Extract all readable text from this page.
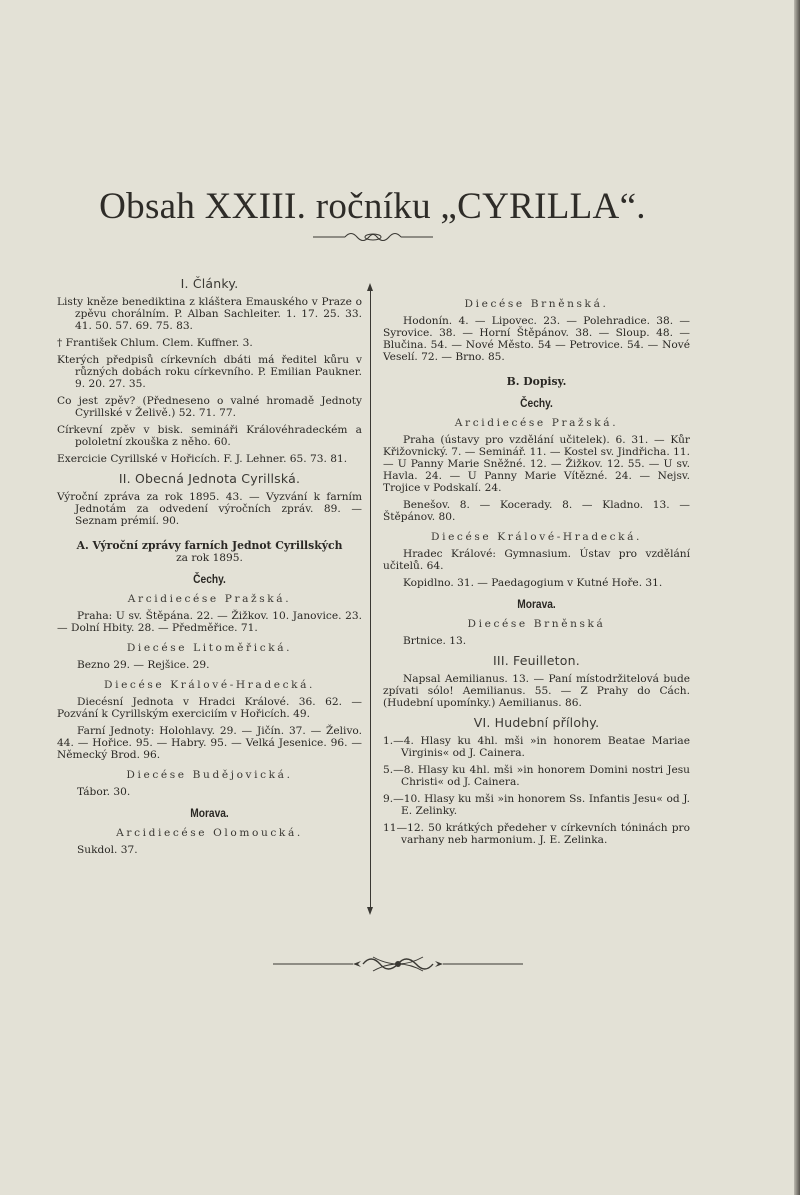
Obsah XXIII. ročníku „CYRILLA“.

I. Články.

Listy kněze benediktina z kláštera Emauského v Praze o zpěvu chorálním. P. Alban Sachleiter. 1. 17. 25. 33. 41. 50. 57. 69. 75. 83.

† František Chlum. Clem. Kuffner. 3.

Kterých předpisů církevních dbáti má ředitel kůru v různých dobách roku církevního. P. Emilian Paukner. 9. 20. 27. 35.

Co jest zpěv? (Předneseno o valné hromadě Jednoty Cyrillské v Želivě.) 52. 71. 77.

Církevní zpěv v bisk. semináři Královéhradeckém a pololetní zkouška z něho. 60.

Exercicie Cyrillské v Hořicích. F. J. Lehner. 65. 73. 81.

II. Obecná Jednota Cyrillská.

Výroční zpráva za rok 1895. 43. — Vyzvání k farním Jednotám za odvedení výročních zpráv. 89. — Seznam prémií. 90.

A. Výroční zprávy farních Jednot Cyrillských

za rok 1895.

Čechy.

Arcidiecése Pražská.

Praha: U sv. Štěpána. 22. — Žižkov. 10. Janovice. 23. — Dolní Hbity. 28. — Předměřice. 71.

Diecése Litoměřická.

Bezno 29. — Rejšice. 29.

Diecése Králové-Hradecká.

Diecésní Jednota v Hradci Králové. 36. 62. — Pozvání k Cyrillským exerciciím v Hořicích. 49.

Farní Jednoty: Holohlavy. 29. — Jičín. 37. — Želivo. 44. — Hořice. 95. — Habry. 95. — Velká Jesenice. 96. — Německý Brod. 96.

Diecése Budějovická.

Tábor. 30.

Morava.

Arcidiecése Olomoucká.

Sukdol. 37.

Diecése Brněnská.

Hodonín. 4. — Lipovec. 23. — Polehradice. 38. — Syrovice. 38. — Horní Štěpánov. 38. — Sloup. 48. — Blučina. 54. — Nové Město. 54 — Petrovice. 54. — Nové Veselí. 72. — Brno. 85.

B. Dopisy.

Čechy.

Arcidiecése Pražská.

Praha (ústavy pro vzdělání učitelek). 6. 31. — Kůr Křižovnický. 7. — Seminář. 11. — Kostel sv. Jindřicha. 11. — U Panny Marie Sněžné. 12. — Žižkov. 12. 55. — U sv. Havla. 24. — U Panny Marie Vítězné. 24. — Nejsv. Trojice v Podskalí. 24.

Benešov. 8. — Kocerady. 8. — Kladno. 13. — Štěpánov. 80.

Diecése Králové-Hradecká.

Hradec Králové: Gymnasium. Ústav pro vzdělání učitelů. 64.

Kopidlno. 31. — Paedagogium v Kutné Hoře. 31.

Morava.

Diecése Brněnská

Brtnice. 13.

III. Feuilleton.

Napsal Aemilianus. 13. — Paní místodržitelová bude zpívati sólo! Aemilianus. 55. — Z Prahy do Cách. (Hudební upomínky.) Aemilianus. 86.

VI. Hudební přílohy.

1.—4. Hlasy ku 4hl. mši »in honorem Beatae Mariae Virginis« od J. Cainera.

5.—8. Hlasy ku 4hl. mši »in honorem Domini nostri Jesu Christi« od J. Cainera.

9.—10. Hlasy ku mši »in honorem Ss. Infantis Jesu« od J. E. Zelinky.

11—12. 50 krátkých předeher v církevních tóninách pro varhany neb harmonium. J. E. Zelinka.
